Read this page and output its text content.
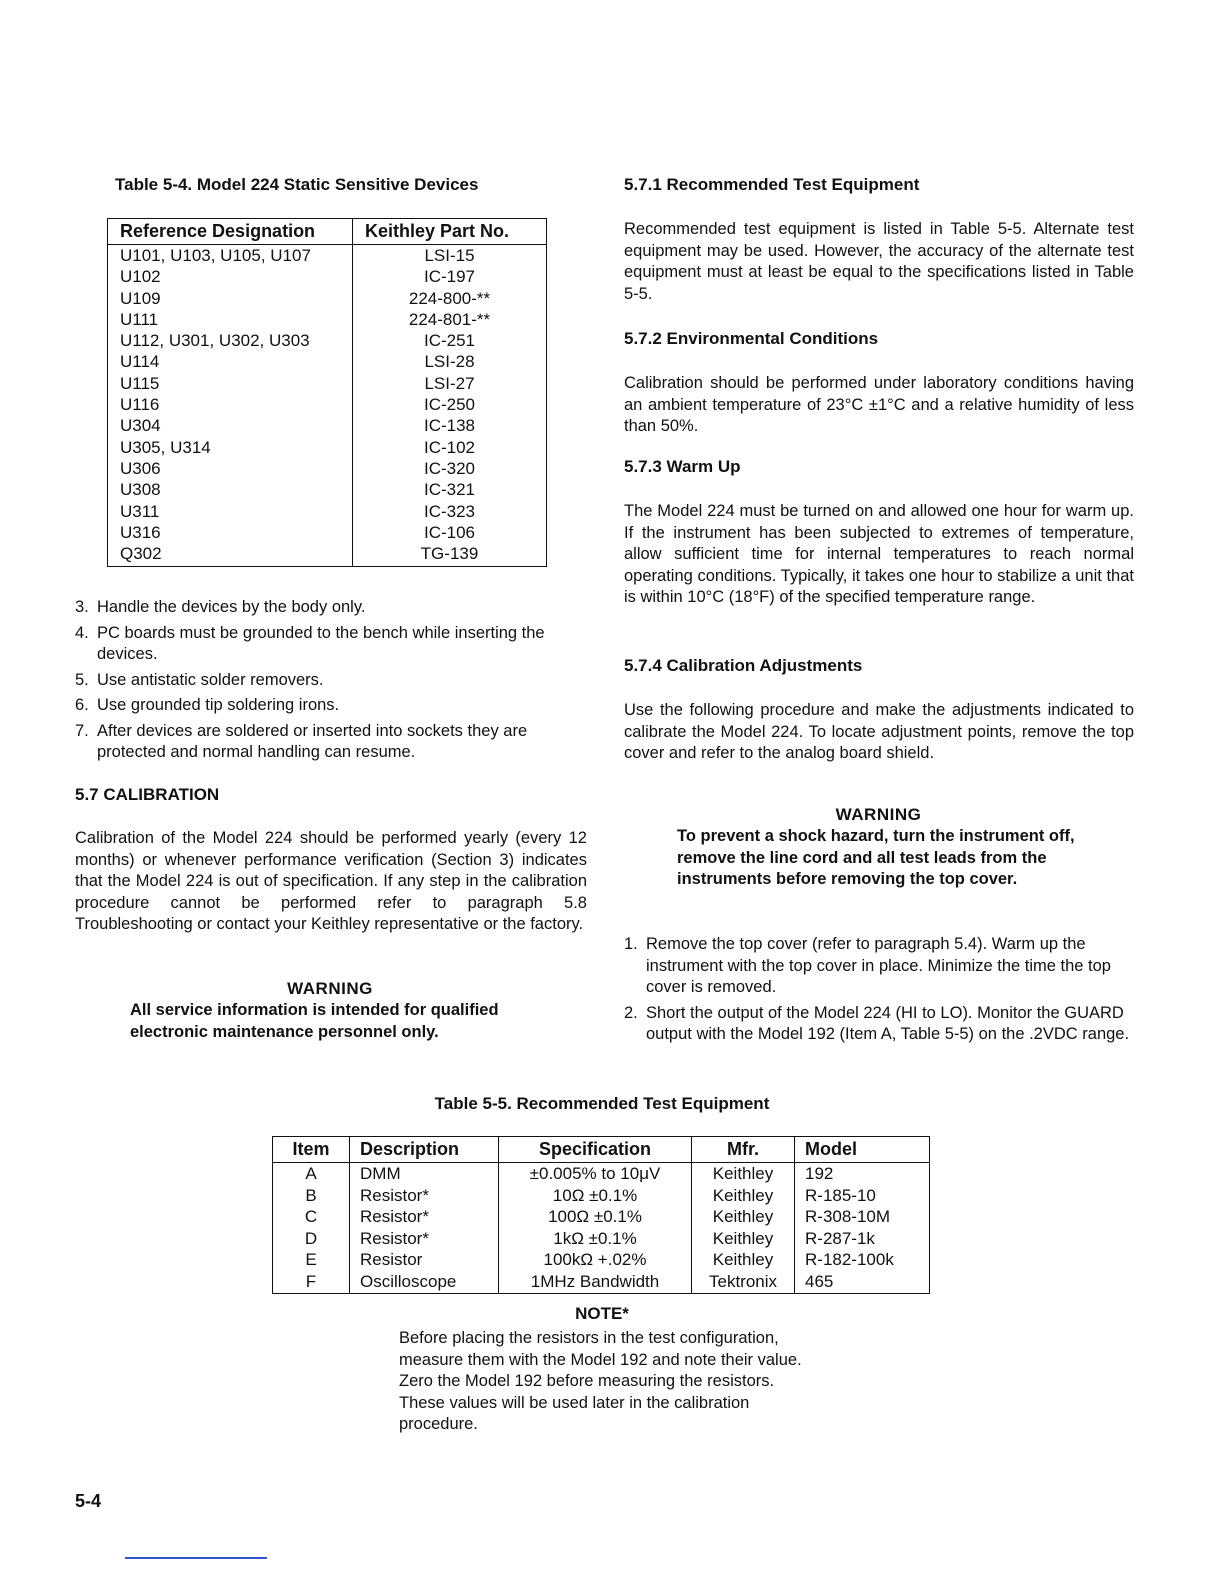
Table 5-4. Model 224 Static Sensitive Devices
Reference Designation	Keithley Part No.
U101, U103, U105, U107	LSI-15
U102	IC-197
U109	224-800-**
U111	224-801-**
U112, U301, U302, U303	IC-251
U114	LSI-28
U115	LSI-27
U116	IC-250
U304	IC-138
U305, U314	IC-102
U306	IC-320
U308	IC-321
U311	IC-323
U316	IC-106
Q302	TG-139
3. Handle the devices by the body only.
4. PC boards must be grounded to the bench while inserting the devices.
5. Use antistatic solder removers.
6. Use grounded tip soldering irons.
7. After devices are soldered or inserted into sockets they are protected and normal handling can resume.
5.7 CALIBRATION
Calibration of the Model 224 should be performed yearly (every 12 months) or whenever performance verification (Section 3) indicates that the Model 224 is out of specification. If any step in the calibration procedure cannot be performed refer to paragraph 5.8 Troubleshooting or contact your Keithley representative or the factory.
WARNING
All service information is intended for qualified electronic maintenance personnel only.
5.7.1 Recommended Test Equipment
Recommended test equipment is listed in Table 5-5. Alternate test equipment may be used. However, the accuracy of the alternate test equipment must at least be equal to the specifications listed in Table 5-5.
5.7.2 Environmental Conditions
Calibration should be performed under laboratory conditions having an ambient temperature of 23°C ±1°C and a relative humidity of less than 50%.
5.7.3 Warm Up
The Model 224 must be turned on and allowed one hour for warm up. If the instrument has been subjected to extremes of temperature, allow sufficient time for internal temperatures to reach normal operating conditions. Typically, it takes one hour to stabilize a unit that is within 10°C (18°F) of the specified temperature range.
5.7.4 Calibration Adjustments
Use the following procedure and make the adjustments indicated to calibrate the Model 224. To locate adjustment points, remove the top cover and refer to the analog board shield.
WARNING
To prevent a shock hazard, turn the instrument off, remove the line cord and all test leads from the instruments before removing the top cover.
1. Remove the top cover (refer to paragraph 5.4). Warm up the instrument with the top cover in place. Minimize the time the top cover is removed.
2. Short the output of the Model 224 (HI to LO). Monitor the GUARD output with the Model 192 (Item A, Table 5-5) on the .2VDC range.
Table 5-5. Recommended Test Equipment
Item	Description	Specification	Mfr.	Model
A	DMM	±0.005% to 10μV	Keithley	192
B	Resistor*	10Ω ±0.1%	Keithley	R-185-10
C	Resistor*	100Ω ±0.1%	Keithley	R-308-10M
D	Resistor*	1kΩ ±0.1%	Keithley	R-287-1k
E	Resistor	100kΩ +.02%	Keithley	R-182-100k
F	Oscilloscope	1MHz Bandwidth	Tektronix	465
NOTE*
Before placing the resistors in the test configuration, measure them with the Model 192 and note their value. Zero the Model 192 before measuring the resistors. These values will be used later in the calibration procedure.
5-4
